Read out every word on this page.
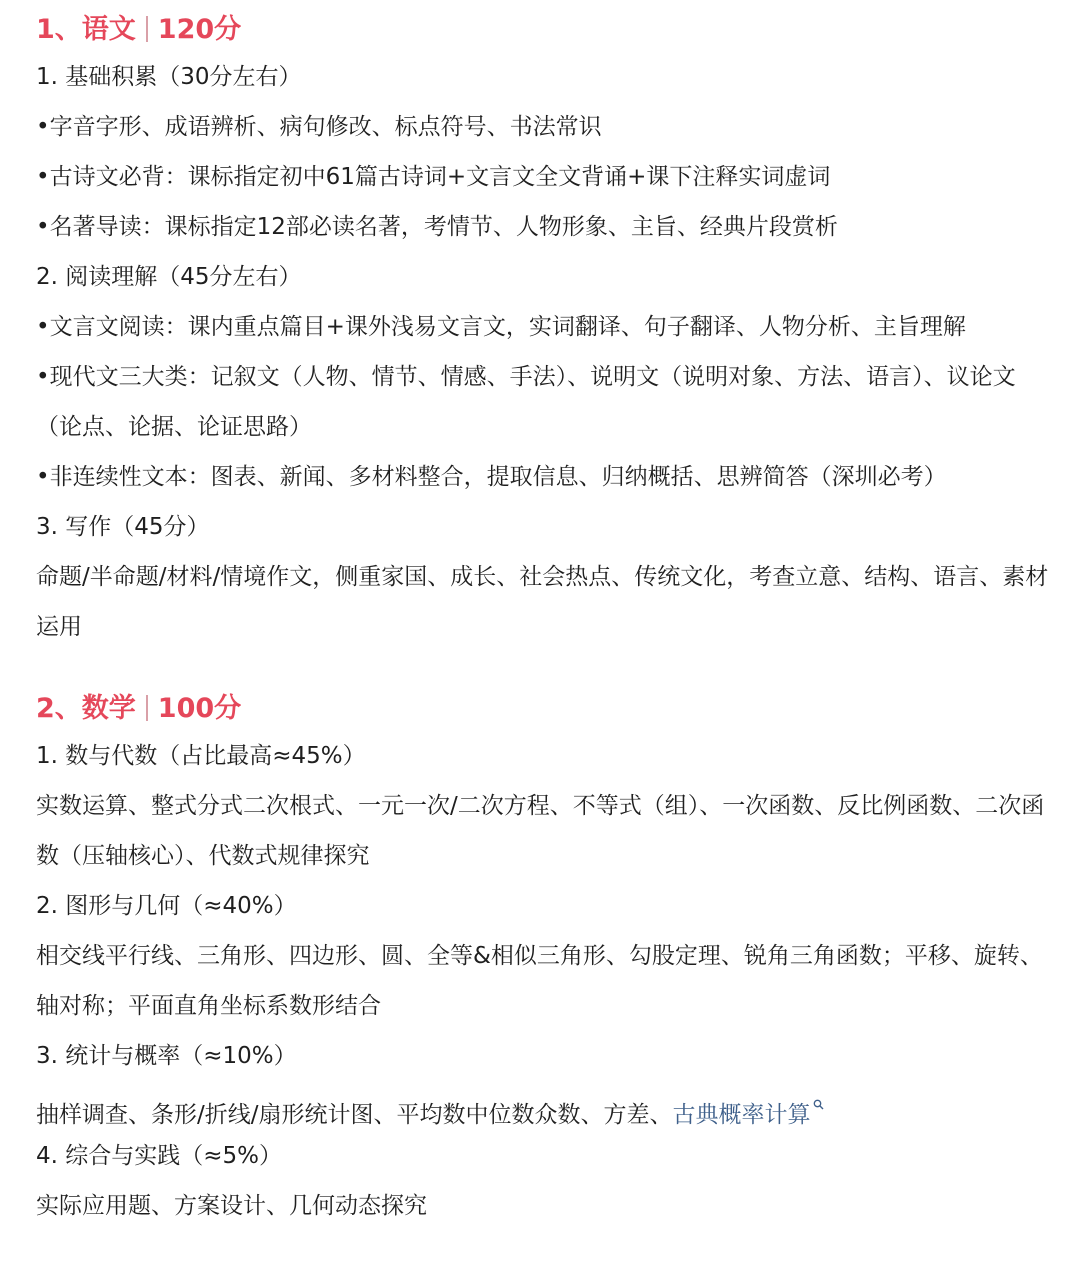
1、语文 120分
1. 基础积累（30分左右）
•字音字形、成语辨析、病句修改、标点符号、书法常识
•古诗文必背：课标指定初中61篇古诗词+文言文全文背诵+课下注释实词虚词
•名著导读：课标指定12部必读名著，考情节、人物形象、主旨、经典片段赏析
2. 阅读理解（45分左右）
•文言文阅读：课内重点篇目+课外浅易文言文，实词翻译、句子翻译、人物分析、主旨理解
•现代文三大类：记叙文（人物、情节、情感、手法）、说明文（说明对象、方法、语言）、议论文（论点、论据、论证思路）
•非连续性文本：图表、新闻、多材料整合，提取信息、归纳概括、思辨简答（深圳必考）
3. 写作（45分）
命题/半命题/材料/情境作文，侧重家国、成长、社会热点、传统文化，考查立意、结构、语言、素材运用
2、数学 100分
1. 数与代数（占比最高≈45%）
实数运算、整式分式二次根式、一元一次/二次方程、不等式（组）、一次函数、反比例函数、二次函数（压轴核心）、代数式规律探究
2. 图形与几何（≈40%）
相交线平行线、三角形、四边形、圆、全等&相似三角形、勾股定理、锐角三角函数；平移、旋转、轴对称；平面直角坐标系数形结合
3. 统计与概率（≈10%）
抽样调查、条形/折线/扇形统计图、平均数中位数众数、方差、古典概率计算
4. 综合与实践（≈5%）
实际应用题、方案设计、几何动态探究
